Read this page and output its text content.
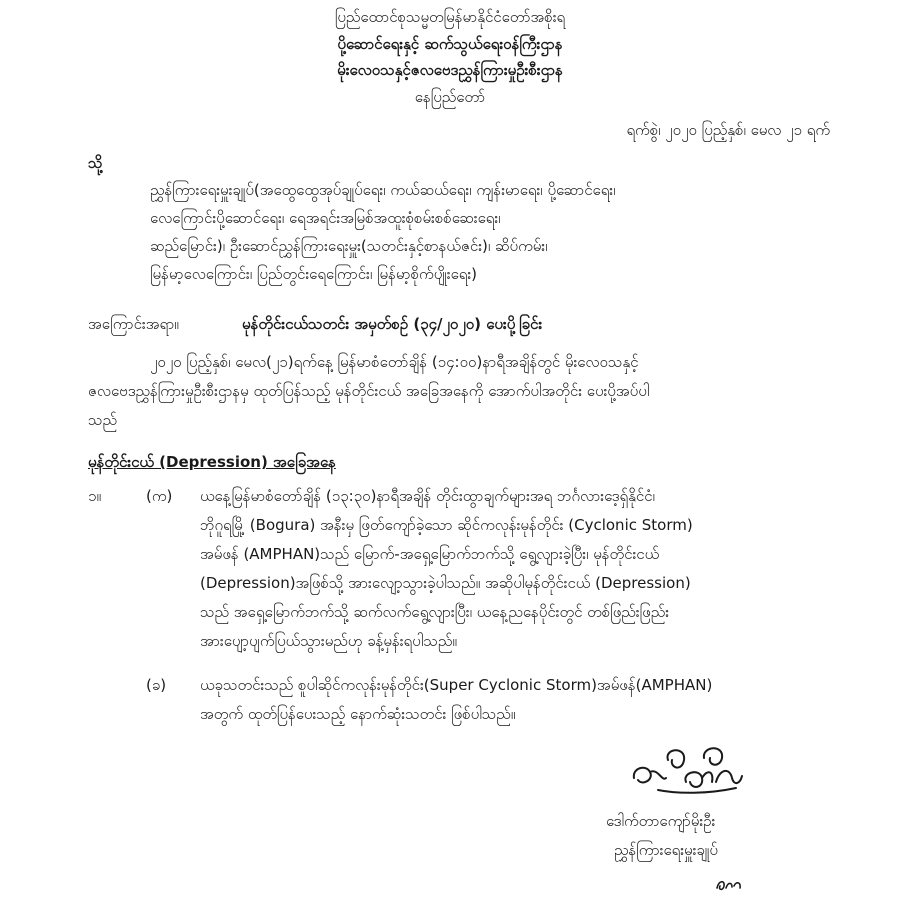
ပြည်ထောင်စုသမ္မတမြန်မာနိုင်ငံတော်အစိုးရ
ပို့ဆောင်ရေးနှင့် ဆက်သွယ်ရေးဝန်ကြီးဌာန
မိုးလေဝသနှင့်ဇလဗေဒညွှန်ကြားမှုဦးစီးဌာန
နေပြည်တော်
ရက်စွဲ၊ ၂၀၂၀ ပြည့်နှစ်၊ မေလ ၂၁ ရက်
သို့
ညွှန်ကြားရေးမှူးချုပ်(အထွေထွေအုပ်ချုပ်ရေး၊ ကယ်ဆယ်ရေး၊ ကျန်းမာရေး၊ ပို့ဆောင်ရေး၊
လေကြောင်းပို့ဆောင်ရေး၊ ရေအရင်းအမြစ်အထူးစုံစမ်းစစ်ဆေးရေး၊
ဆည်မြောင်း)၊ ဦးဆောင်ညွှန်ကြားရေးမှူး(သတင်းနှင့်စာနယ်ဇင်း)၊ ဆိပ်ကမ်း၊
မြန်မာ့လေကြောင်း၊ ပြည်တွင်းရေကြောင်း၊ မြန်မာ့စိုက်ပျိုးရေး)
အကြောင်းအရာ။	မုန်တိုင်းငယ်သတင်း အမှတ်စဉ် (၃၄/၂၀၂၀) ပေးပို့ခြင်း
၂၀၂၀ ပြည့်နှစ်၊ မေလ(၂၁)ရက်နေ့ မြန်မာစံတော်ချိန် (၁၄:၀၀)နာရီအချိန်တွင် မိုးလေဝသနှင့်
ဇလဗေဒညွှန်ကြားမှုဦးစီးဌာနမှ ထုတ်ပြန်သည့် မုန်တိုင်းငယ် အခြေအနေကို အောက်ပါအတိုင်း ပေးပို့အပ်ပါ
သည်
မုန်တိုင်းငယ် (Depression) အခြေအနေ
၁။	(က) ယနေ့မြန်မာစံတော်ချိန် (၁၃:၃၀)နာရီအချိန် တိုင်းထွာချက်များအရ ဘင်္ဂလားဒေ့ရှ်နိုင်ငံ၊
ဘိုဂူရမြို့ (Bogura) အနီးမှ ဖြတ်ကျော်ခဲ့သော ဆိုင်ကလုန်းမုန်တိုင်း (Cyclonic Storm)
အမ်ဖန် (AMPHAN)သည် မြောက်-အရှေ့မြောက်ဘက်သို့ ရွေ့လျားခဲ့ပြီး၊ မုန်တိုင်းငယ်
(Depression)အဖြစ်သို့ အားလျော့သွားခဲ့ပါသည်။ အဆိုပါမုန်တိုင်းငယ် (Depression)
သည် အရှေ့မြောက်ဘက်သို့ ဆက်လက်ရွေ့လျားပြီး၊ ယနေ့ညနေပိုင်းတွင် တစ်ဖြည်းဖြည်း
အားပျော့ပျက်ပြယ်သွားမည်ဟု ခန့်မှန်းရပါသည်။
(ခ) ယခုသတင်းသည် စူပါဆိုင်ကလုန်းမုန်တိုင်း(Super Cyclonic Storm)အမ်ဖန်(AMPHAN)
အတွက် ထုတ်ပြန်ပေးသည့် နောက်ဆုံးသတင်း ဖြစ်ပါသည်။
ဒေါက်တာကျော်မိုးဦး
ညွှန်ကြားရေးမှူးချုပ်
